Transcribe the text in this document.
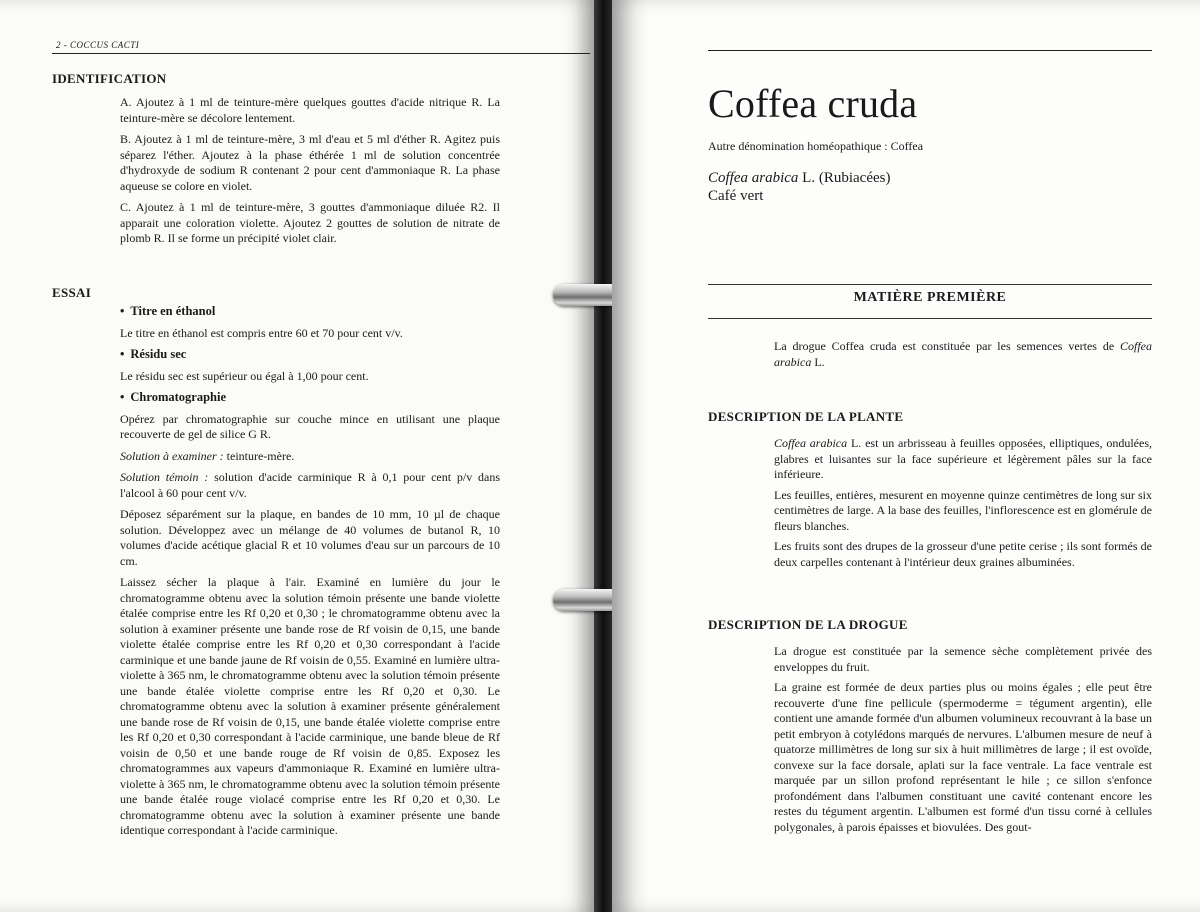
2 - COCCUS CACTI
IDENTIFICATION

A. Ajoutez à 1 ml de teinture-mère quelques gouttes d'acide nitrique R. La teinture-mère se décolore lentement.

B. Ajoutez à 1 ml de teinture-mère, 3 ml d'eau et 5 ml d'éther R. Agitez puis séparez l'éther. Ajoutez à la phase éthérée 1 ml de solution concentrée d'hydroxyde de sodium R contenant 2 pour cent d'ammoniaque R. La phase aqueuse se colore en violet.

C. Ajoutez à 1 ml de teinture-mère, 3 gouttes d'ammoniaque diluée R2. Il apparait une coloration violette. Ajoutez 2 gouttes de solution de nitrate de plomb R. Il se forme un précipité violet clair.

ESSAI

• Titre en éthanol

Le titre en éthanol est compris entre 60 et 70 pour cent v/v.

• Résidu sec

Le résidu sec est supérieur ou égal à 1,00 pour cent.

• Chromatographie

Opérez par chromatographie sur couche mince en utilisant une plaque recouverte de gel de silice G R.

Solution à examiner : teinture-mère.

Solution témoin : solution d'acide carminique R à 0,1 pour cent p/v dans l'alcool à 60 pour cent v/v.

Déposez séparément sur la plaque, en bandes de 10 mm, 10 µl de chaque solution. Développez avec un mélange de 40 volumes de butanol R, 10 volumes d'acide acétique glacial R et 10 volumes d'eau sur un parcours de 10 cm.

Laissez sécher la plaque à l'air. Examiné en lumière du jour le chromatogramme obtenu avec la solution témoin présente une bande violette étalée comprise entre les Rf 0,20 et 0,30 ; le chromatogramme obtenu avec la solution à examiner présente une bande rose de Rf voisin de 0,15, une bande violette étalée comprise entre les Rf 0,20 et 0,30 correspondant à l'acide carminique et une bande jaune de Rf voisin de 0,55. Examiné en lumière ultra-violette à 365 nm, le chromatogramme obtenu avec la solution témoin présente une bande étalée violette comprise entre les Rf 0,20 et 0,30. Le chromatogramme obtenu avec la solution à examiner présente généralement une bande rose de Rf voisin de 0,15, une bande étalée violette comprise entre les Rf 0,20 et 0,30 correspondant à l'acide carminique, une bande bleue de Rf voisin de 0,50 et une bande rouge de Rf voisin de 0,85. Exposez les chromatogrammes aux vapeurs d'ammoniaque R. Examiné en lumière ultra-violette à 365 nm, le chromatogramme obtenu avec la solution témoin présente une bande étalée rouge violacé comprise entre les Rf 0,20 et 0,30. Le chromatogramme obtenu avec la solution à examiner présente une bande identique correspondant à l'acide carminique.

Coffea cruda
Autre dénomination homéopathique : Coffea
Coffea arabica L. (Rubiacées)
Café vert
MATIÈRE PREMIÈRE

La drogue Coffea cruda est constituée par les semences vertes de Coffea arabica L.

DESCRIPTION DE LA PLANTE

Coffea arabica L. est un arbrisseau à feuilles opposées, elliptiques, ondulées, glabres et luisantes sur la face supérieure et légèrement pâles sur la face inférieure.

Les feuilles, entières, mesurent en moyenne quinze centimètres de long sur six centimètres de large. A la base des feuilles, l'inflorescence est en glomérule de fleurs blanches.

Les fruits sont des drupes de la grosseur d'une petite cerise ; ils sont formés de deux carpelles contenant à l'intérieur deux graines albuminées.

DESCRIPTION DE LA DROGUE

La drogue est constituée par la semence sèche complètement privée des enveloppes du fruit.

La graine est formée de deux parties plus ou moins égales ; elle peut être recouverte d'une fine pellicule (spermoderme = tégument argentin), elle contient une amande formée d'un albumen volumineux recouvrant à la base un petit embryon à cotylédons marqués de nervures. L'albumen mesure de neuf à quatorze millimètres de long sur six à huit millimètres de large ; il est ovoïde, convexe sur la face dorsale, aplati sur la face ventrale. La face ventrale est marquée par un sillon profond représentant le hile ; ce sillon s'enfonce profondément dans l'albumen constituant une cavité contenant encore les restes du tégument argentin. L'albumen est formé d'un tissu corné à cellules polygonales, à parois épaisses et biovulées. Des gout-
